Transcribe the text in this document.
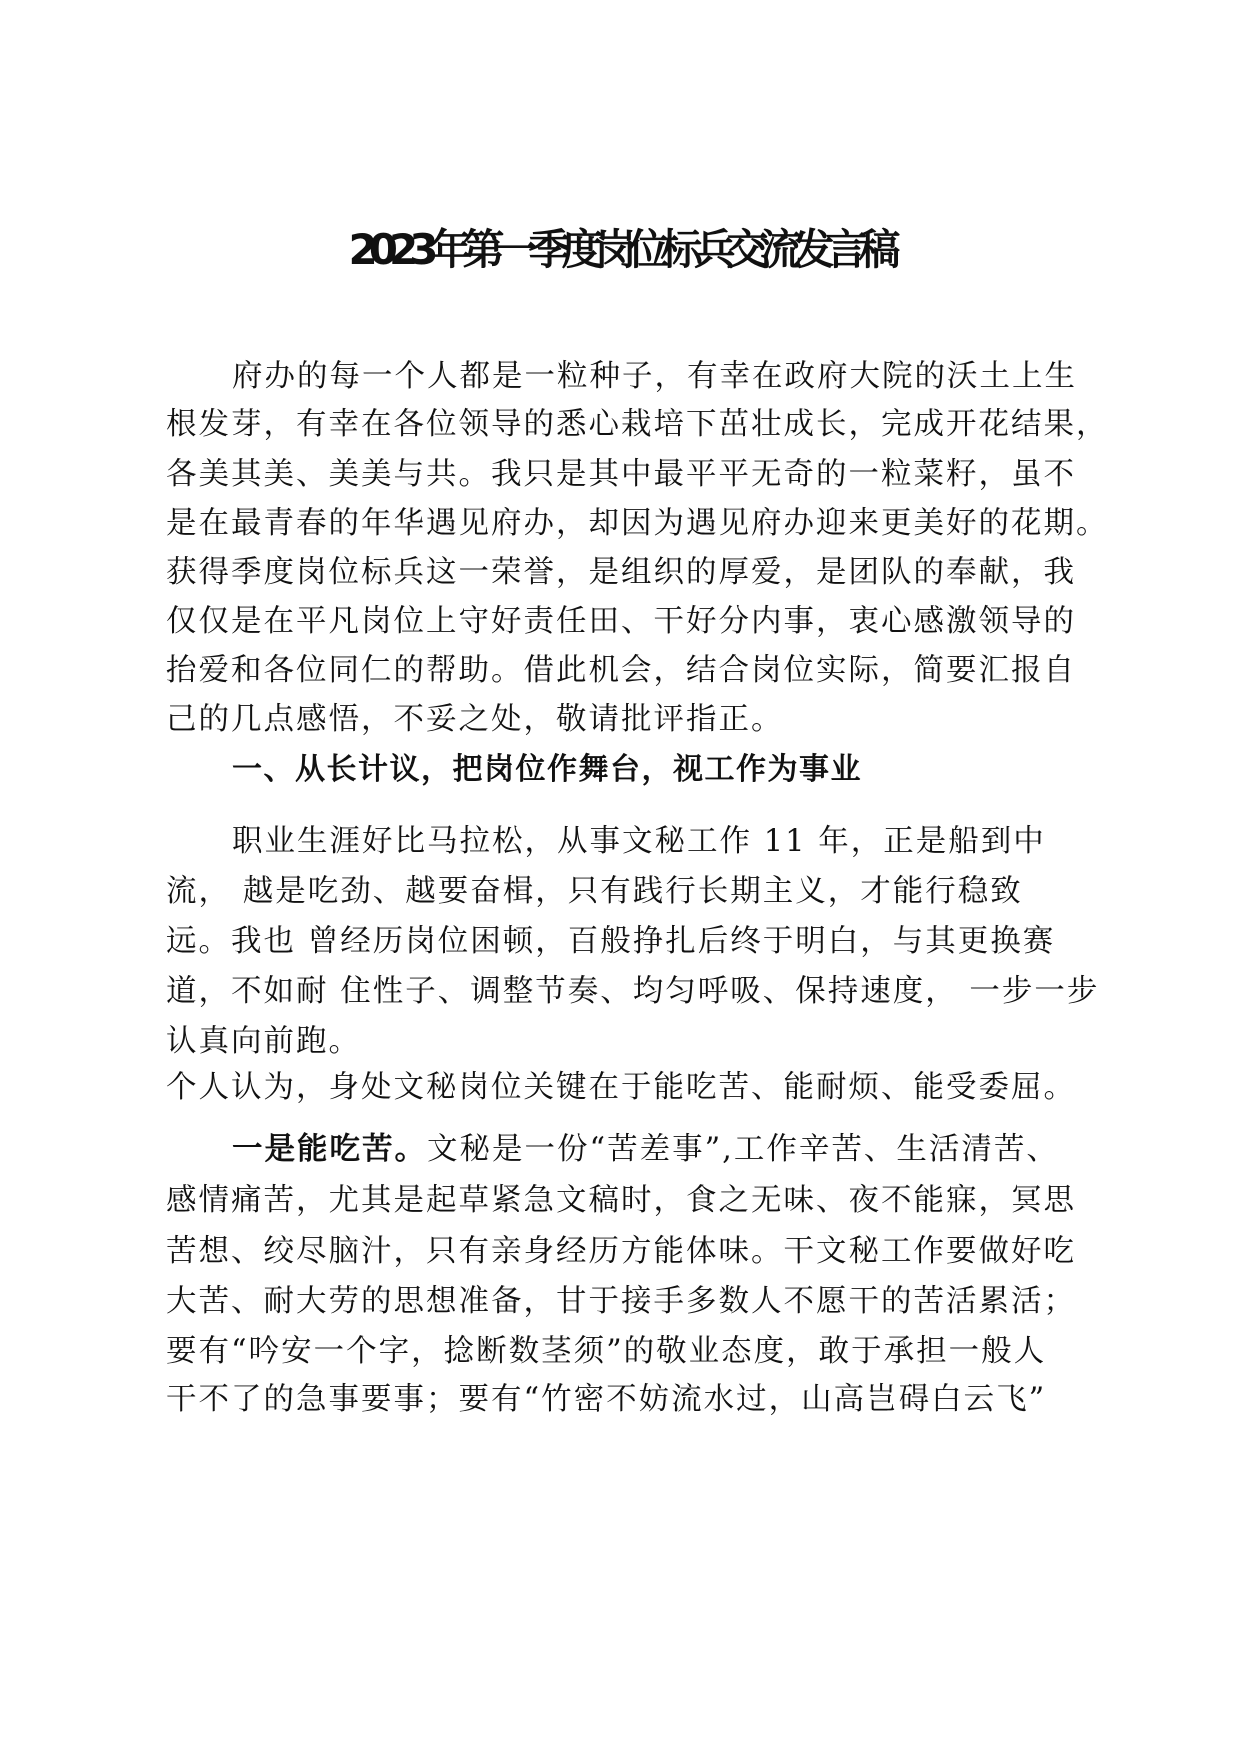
2023年第一季度岗位标兵交流发言稿
府办的每一个人都是一粒种子，有幸在政府大院的沃土上生
根发芽，有幸在各位领导的悉心栽培下茁壮成长，完成开花结果，
各美其美、美美与共。我只是其中最平平无奇的一粒菜籽，虽不
是在最青春的年华遇见府办，却因为遇见府办迎来更美好的花期。
获得季度岗位标兵这一荣誉，是组织的厚爱，是团队的奉献，我
仅仅是在平凡岗位上守好责任田、干好分内事，衷心感激领导的
抬爱和各位同仁的帮助。借此机会，结合岗位实际，简要汇报自
己的几点感悟，不妥之处，敬请批评指正。
一、从长计议，把岗位作舞台，视工作为事业
职业生涯好比马拉松，从事文秘工作 11 年，正是船到中
流， 越是吃劲、越要奋楫，只有践行长期主义，才能行稳致
远。我也 曾经历岗位困顿，百般挣扎后终于明白，与其更换赛
道，不如耐 住性子、调整节奏、均匀呼吸、保持速度， 一步一步
认真向前跑。
个人认为，身处文秘岗位关键在于能吃苦、能耐烦、能受委屈。
一是能吃苦。文秘是一份“苦差事”,工作辛苦、生活清苦、
感情痛苦，尤其是起草紧急文稿时，食之无味、夜不能寐，冥思
苦想、绞尽脑汁，只有亲身经历方能体味。干文秘工作要做好吃
大苦、耐大劳的思想准备，甘于接手多数人不愿干的苦活累活；
要有“吟安一个字，捻断数茎须”的敬业态度，敢于承担一般人
干不了的急事要事；要有“竹密不妨流水过，山高岂碍白云飞”
